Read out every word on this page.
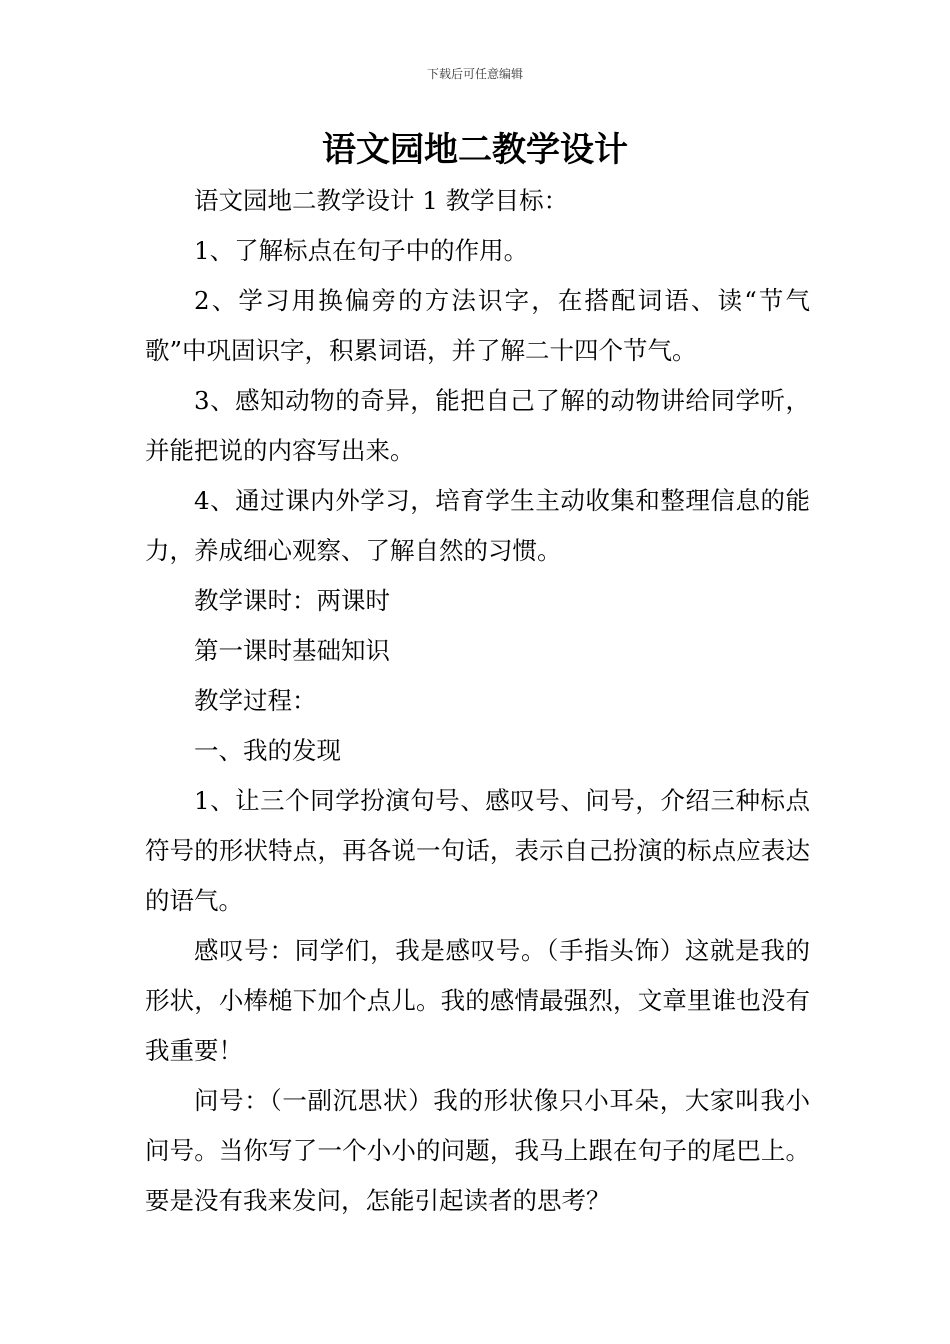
下载后可任意编辑
语文园地二教学设计

语文园地二教学设计 1 教学目标：

1、了解标点在句子中的作用。

2、学习用换偏旁的方法识字，在搭配词语、读“节气歌”中巩固识字，积累词语，并了解二十四个节气。

3、感知动物的奇异，能把自己了解的动物讲给同学听，并能把说的内容写出来。

4、通过课内外学习，培育学生主动收集和整理信息的能力，养成细心观察、了解自然的习惯。

教学课时：两课时

第一课时基础知识

教学过程：

一、我的发现

1、让三个同学扮演句号、感叹号、问号，介绍三种标点符号的形状特点，再各说一句话，表示自己扮演的标点应表达的语气。

感叹号：同学们，我是感叹号。（手指头饰）这就是我的形状，小棒槌下加个点儿。我的感情最强烈，文章里谁也没有我重要！

问号：（一副沉思状）我的形状像只小耳朵，大家叫我小问号。当你写了一个小小的问题，我马上跟在句子的尾巴上。要是没有我来发问，怎能引起读者的思考？
